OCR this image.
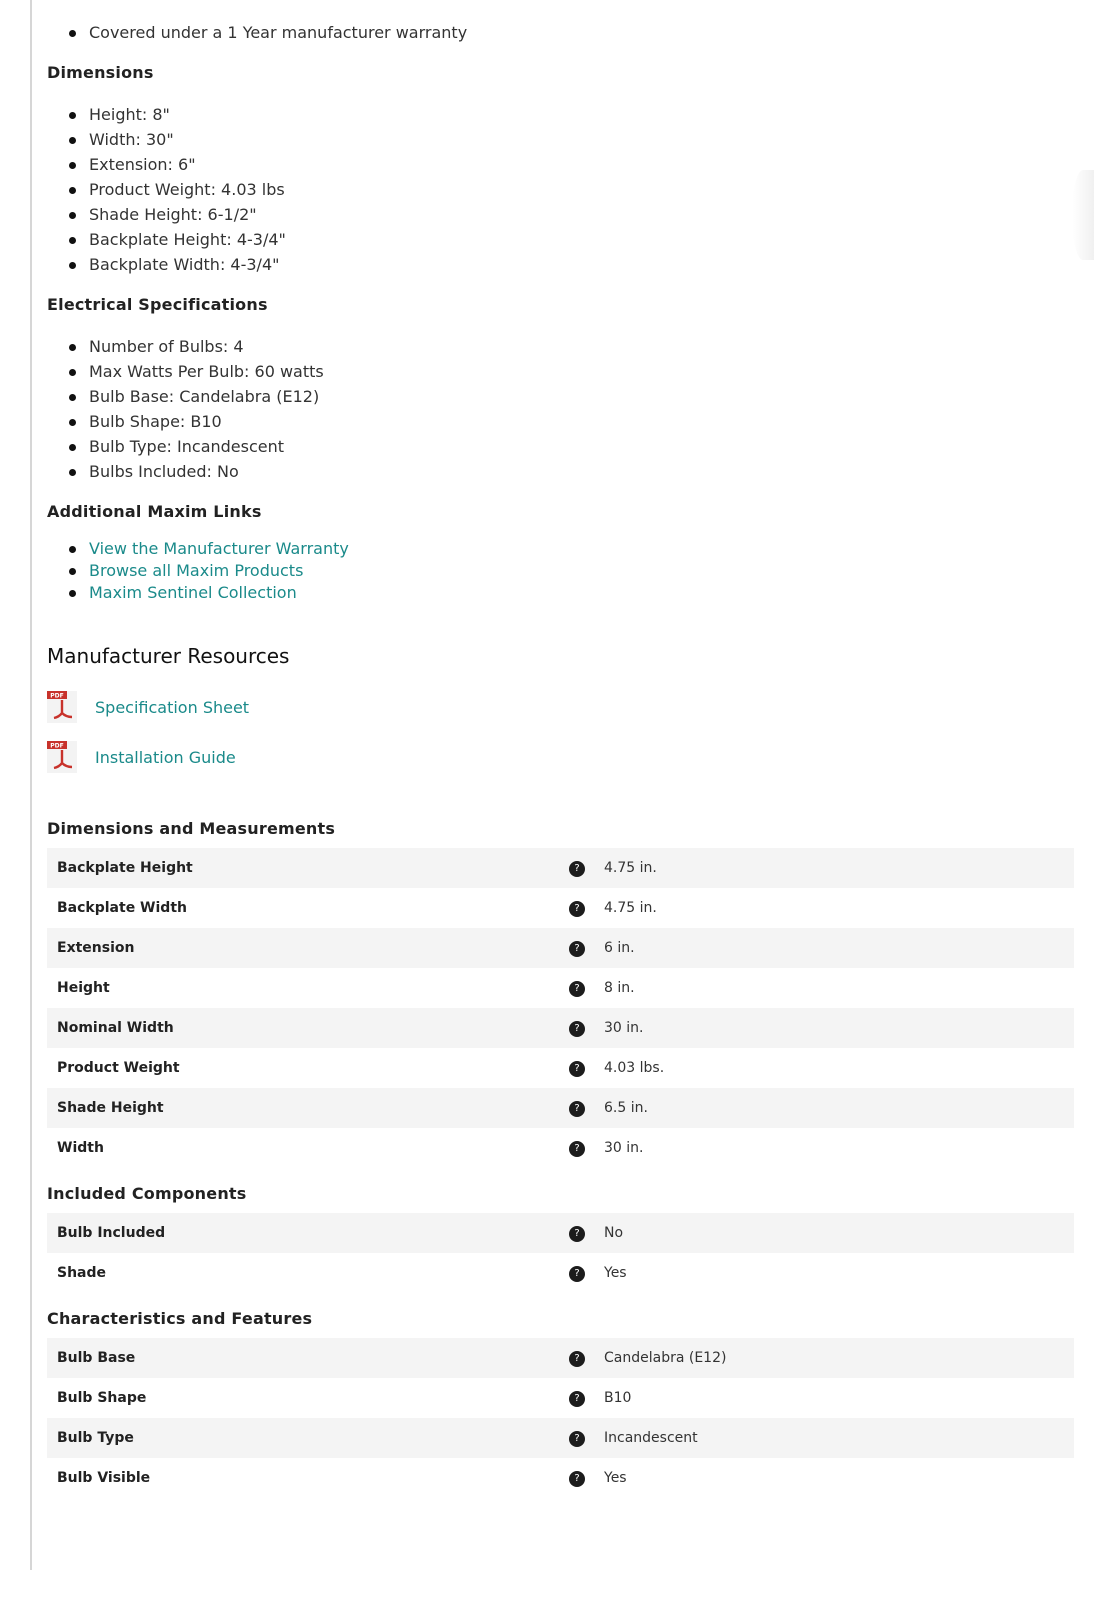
Covered under a 1 Year manufacturer warranty
Dimensions
Height: 8"
Width: 30"
Extension: 6"
Product Weight: 4.03 lbs
Shade Height: 6-1/2"
Backplate Height: 4-3/4"
Backplate Width: 4-3/4"
Electrical Specifications
Number of Bulbs: 4
Max Watts Per Bulb: 60 watts
Bulb Base: Candelabra (E12)
Bulb Shape: B10
Bulb Type: Incandescent
Bulbs Included: No
Additional Maxim Links
View the Manufacturer Warranty
Browse all Maxim Products
Maxim Sentinel Collection
Manufacturer Resources
PDF
Specification Sheet
PDF
Installation Guide
Dimensions and Measurements
Backplate Height	?	4.75 in.
Backplate Width	?	4.75 in.
Extension	?	6 in.
Height	?	8 in.
Nominal Width	?	30 in.
Product Weight	?	4.03 lbs.
Shade Height	?	6.5 in.
Width	?	30 in.
Included Components
Bulb Included	?	No
Shade	?	Yes
Characteristics and Features
Bulb Base	?	Candelabra (E12)
Bulb Shape	?	B10
Bulb Type	?	Incandescent
Bulb Visible	?	Yes
